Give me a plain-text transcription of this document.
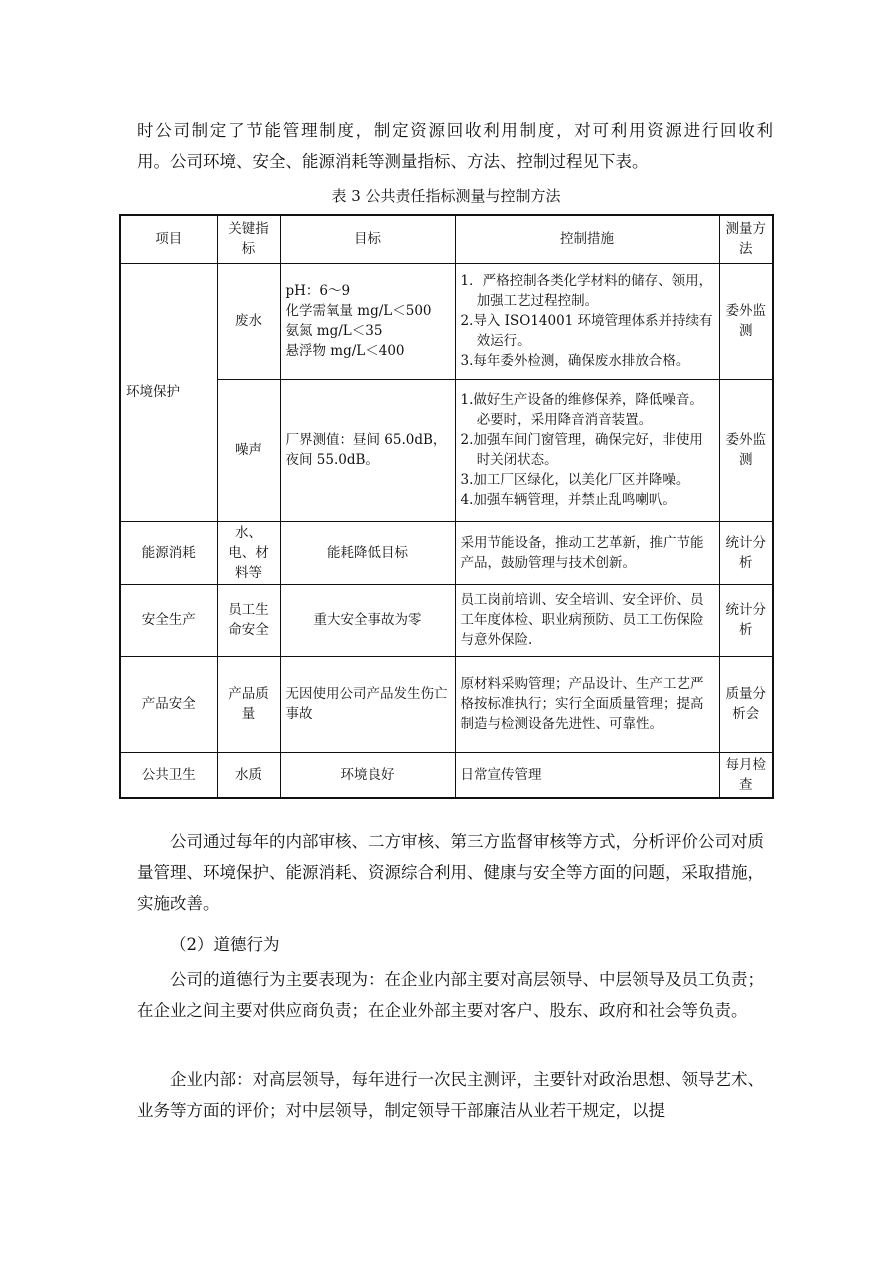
时公司制定了节能管理制度，制定资源回收利用制度，对可利用资源进行回收利
用。公司环境、安全、能源消耗等测量指标、方法、控制过程见下表。

表 3 公共责任指标测量与控制方法
项目	关键指标	目标	控制措施	测量方法
环境保护	废水	pH：6～9
化学需氧量 mg/L＜500
氨氮 mg/L＜35
悬浮物 mg/L＜400	1．严格控制各类化学材料的储存、领用，加强工艺过程控制。
2.导入 ISO14001 环境管理体系并持续有效运行。
3.每年委外检测，确保废水排放合格。	委外监测
	噪声	厂界测值：昼间 65.0dB，夜间 55.0dB。	1.做好生产设备的维修保养，降低噪音。必要时，采用降音消音装置。
2.加强车间门窗管理，确保完好，非使用时关闭状态。
3.加工厂区绿化，以美化厂区并降噪。
4.加强车辆管理，并禁止乱鸣喇叭。	委外监测
能源消耗	水、电、材料等	能耗降低目标	采用节能设备，推动工艺革新，推广节能产品，鼓励管理与技术创新。	统计分析
安全生产	员工生命安全	重大安全事故为零	员工岗前培训、安全培训、安全评价、员工年度体检、职业病预防、员工工伤保险与意外保险.	统计分析
产品安全	产品质量	无因使用公司产品发生伤亡事故	原材料采购管理；产品设计、生产工艺严格按标准执行；实行全面质量管理；提高制造与检测设备先进性、可靠性。	质量分析会
公共卫生	水质	环境良好	日常宣传管理	每月检查

公司通过每年的内部审核、二方审核、第三方监督审核等方式，分析评价公司对质量管理、环境保护、能源消耗、资源综合利用、健康与安全等方面的问题，采取措施，实施改善。

（2）道德行为

公司的道德行为主要表现为：在企业内部主要对高层领导、中层领导及员工负责；在企业之间主要对供应商负责；在企业外部主要对客户、股东、政府和社会等负责。

企业内部：对高层领导，每年进行一次民主测评，主要针对政治思想、领导艺术、业务等方面的评价；对中层领导，制定领导干部廉洁从业若干规定，以提
